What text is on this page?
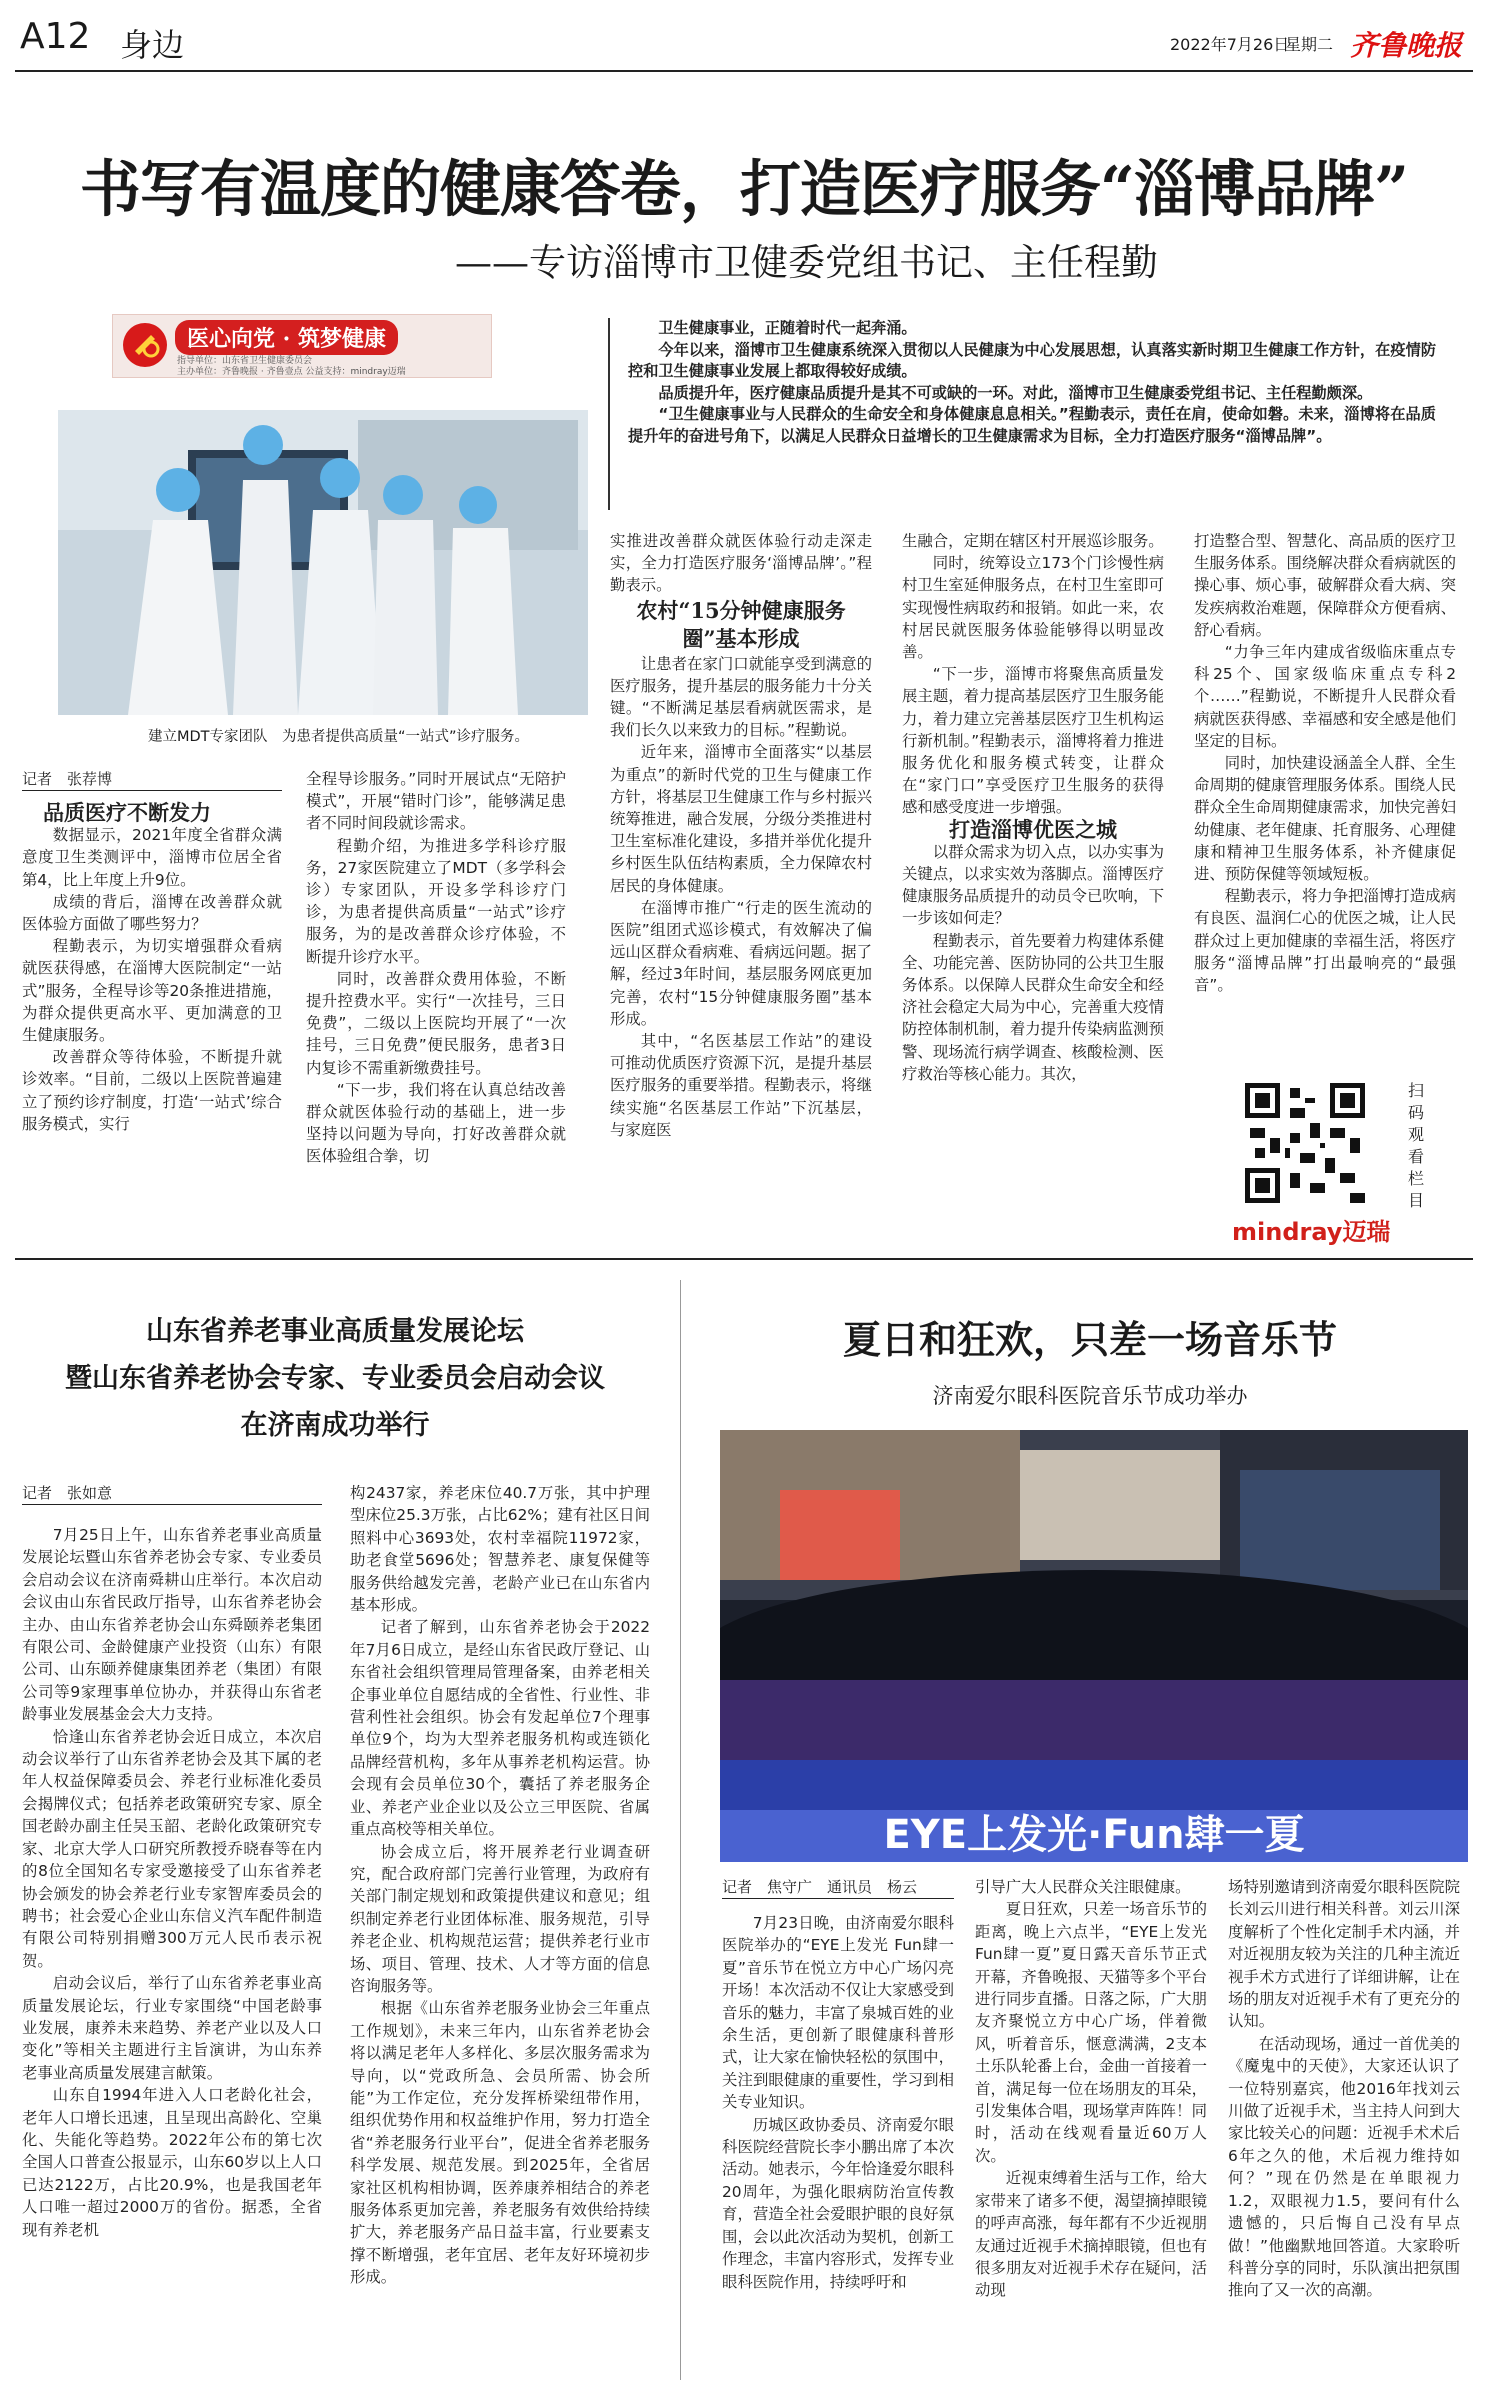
A12 身边	2022年7月26日
星期二 齐鲁晚报
书写有温度的健康答卷，打造医疗服务“淄博品牌”
——专访淄博市卫健委党组书记、主任程勤
医心向党 · 筑梦健康
指导单位：山东省卫生健康委员会
主办单位：齐鲁晚报 · 齐鲁壹点 公益支持：mindray迈瑞
建立MDT专家团队　为患者提供高质量“一站式”诊疗服务。

卫生健康事业，正随着时代一起奔涌。

今年以来，淄博市卫生健康系统深入贯彻以人民健康为中心发展思想，认真落实新时期卫生健康工作方针，在疫情防控和卫生健康事业发展上都取得较好成绩。

品质提升年，医疗健康品质提升是其不可或缺的一环。对此，淄博市卫生健康委党组书记、主任程勤颇深。

“卫生健康事业与人民群众的生命安全和身体健康息息相关。”程勤表示，责任在肩，使命如磐。未来，淄博将在品质提升年的奋进号角下，以满足人民群众日益增长的卫生健康需求为目标，全力打造医疗服务“淄博品牌”。

记者　张荐博

品质医疗不断发力

数据显示，2021年度全省群众满意度卫生类测评中，淄博市位居全省第4，比上年度上升9位。

成绩的背后，淄博在改善群众就医体验方面做了哪些努力？

程勤表示，为切实增强群众看病就医获得感，在淄博大医院制定“一站式”服务，全程导诊等20条推进措施，为群众提供更高水平、更加满意的卫生健康服务。

改善群众等待体验，不断提升就诊效率。“目前，二级以上医院普遍建立了预约诊疗制度，打造‘一站式’综合服务模式，实行

全程导诊服务。”同时开展试点“无陪护模式”，开展“错时门诊”，能够满足患者不同时间段就诊需求。

程勤介绍，为推进多学科诊疗服务，27家医院建立了MDT（多学科会诊）专家团队，开设多学科诊疗门诊，为患者提供高质量“一站式”诊疗服务，为的是改善群众诊疗体验，不断提升诊疗水平。

同时，改善群众费用体验，不断提升控费水平。实行“一次挂号，三日免费”，二级以上医院均开展了“一次挂号，三日免费”便民服务，患者3日内复诊不需重新缴费挂号。

“下一步，我们将在认真总结改善群众就医体验行动的基础上，进一步坚持以问题为导向，打好改善群众就医体验组合拳，切

实推进改善群众就医体验行动走深走实，全力打造医疗服务‘淄博品牌’。”程勤表示。

农村“15分钟健康服务圈”基本形成

让患者在家门口就能享受到满意的医疗服务，提升基层的服务能力十分关键。“不断满足基层看病就医需求，是我们长久以来致力的目标。”程勤说。

近年来，淄博市全面落实“以基层为重点”的新时代党的卫生与健康工作方针，将基层卫生健康工作与乡村振兴统筹推进，融合发展，分级分类推进村卫生室标准化建设，多措并举优化提升乡村医生队伍结构素质，全力保障农村居民的身体健康。

在淄博市推广“行走的医生流动的医院”组团式巡诊模式，有效解决了偏远山区群众看病难、看病远问题。据了解，经过3年时间，基层服务网底更加完善，农村“15分钟健康服务圈”基本形成。

其中，“名医基层工作站”的建设可推动优质医疗资源下沉，是提升基层医疗服务的重要举措。程勤表示，将继续实施“名医基层工作站”下沉基层，与家庭医

生融合，定期在辖区村开展巡诊服务。

同时，统筹设立173个门诊慢性病村卫生室延伸服务点，在村卫生室即可实现慢性病取药和报销。如此一来，农村居民就医服务体验能够得以明显改善。

“下一步，淄博市将聚焦高质量发展主题，着力提高基层医疗卫生服务能力，着力建立完善基层医疗卫生机构运行新机制。”程勤表示，淄博将着力推进服务优化和服务模式转变，让群众在“家门口”享受医疗卫生服务的获得感和感受度进一步增强。

打造淄博优医之城

以群众需求为切入点，以办实事为关键点，以求实效为落脚点。淄博医疗健康服务品质提升的动员令已吹响，下一步该如何走？

程勤表示，首先要着力构建体系健全、功能完善、医防协同的公共卫生服务体系。以保障人民群众生命安全和经济社会稳定大局为中心，完善重大疫情防控体制机制，着力提升传染病监测预警、现场流行病学调查、核酸检测、医疗救治等核心能力。其次，

打造整合型、智慧化、高品质的医疗卫生服务体系。围绕解决群众看病就医的操心事、烦心事，破解群众看大病、突发疾病救治难题，保障群众方便看病、舒心看病。

“力争三年内建成省级临床重点专科25个、国家级临床重点专科2个……”程勤说，不断提升人民群众看病就医获得感、幸福感和安全感是他们坚定的目标。

同时，加快建设涵盖全人群、全生命周期的健康管理服务体系。围绕人民群众全生命周期健康需求，加快完善妇幼健康、老年健康、托育服务、心理健康和精神卫生服务体系，补齐健康促进、预防保健等领域短板。

程勤表示，将力争把淄博打造成病有良医、温润仁心的优医之城，让人民群众过上更加健康的幸福生活，将医疗服务“淄博品牌”打出最响亮的“最强音”。

扫码观看栏目
mindray迈瑞
山东省养老事业高质量发展论坛
暨山东省养老协会专家、专业委员会启动会议
在济南成功举行
记者　张如意

7月25日上午，山东省养老事业高质量发展论坛暨山东省养老协会专家、专业委员会启动会议在济南舜耕山庄举行。本次启动会议由山东省民政厅指导，山东省养老协会主办、由山东省养老协会山东舜颐养老集团有限公司、金龄健康产业投资（山东）有限公司、山东颐养健康集团养老（集团）有限公司等9家理事单位协办，并获得山东省老龄事业发展基金会大力支持。

恰逢山东省养老协会近日成立，本次启动会议举行了山东省养老协会及其下属的老年人权益保障委员会、养老行业标准化委员会揭牌仪式；包括养老政策研究专家、原全国老龄办副主任吴玉韶、老龄化政策研究专家、北京大学人口研究所教授乔晓春等在内的8位全国知名专家受邀接受了山东省养老协会颁发的协会养老行业专家智库委员会的聘书；社会爱心企业山东信义汽车配件制造有限公司特别捐赠300万元人民币表示祝贺。

启动会议后，举行了山东省养老事业高质量发展论坛，行业专家围绕“中国老龄事业发展，康养未来趋势、养老产业以及人口变化”等相关主题进行主旨演讲，为山东养老事业高质量发展建言献策。

山东自1994年进入人口老龄化社会，老年人口增长迅速，且呈现出高龄化、空巢化、失能化等趋势。2022年公布的第七次全国人口普查公报显示，山东60岁以上人口已达2122万，占比20.9%，也是我国老年人口唯一超过2000万的省份。据悉，全省现有养老机

构2437家，养老床位40.7万张，其中护理型床位25.3万张，占比62%；建有社区日间照料中心3693处，农村幸福院11972家，助老食堂5696处；智慧养老、康复保健等服务供给越发完善，老龄产业已在山东省内基本形成。

记者了解到，山东省养老协会于2022年7月6日成立，是经山东省民政厅登记、山东省社会组织管理局管理备案，由养老相关企事业单位自愿结成的全省性、行业性、非营利性社会组织。协会有发起单位7个理事单位9个，均为大型养老服务机构或连锁化品牌经营机构，多年从事养老机构运营。协会现有会员单位30个，囊括了养老服务企业、养老产业企业以及公立三甲医院、省属重点高校等相关单位。

协会成立后，将开展养老行业调查研究，配合政府部门完善行业管理，为政府有关部门制定规划和政策提供建议和意见；组织制定养老行业团体标准、服务规范，引导养老企业、机构规范运营；提供养老行业市场、项目、管理、技术、人才等方面的信息咨询服务等。

根据《山东省养老服务业协会三年重点工作规划》，未来三年内，山东省养老协会将以满足老年人多样化、多层次服务需求为导向，以“党政所急、会员所需、协会所能”为工作定位，充分发挥桥梁纽带作用，组织优势作用和权益维护作用，努力打造全省“养老服务行业平台”，促进全省养老服务科学发展、规范发展。到2025年，全省居家社区机构相协调，医养康养相结合的养老服务体系更加完善，养老服务有效供给持续扩大，养老服务产品日益丰富，行业要素支撑不断增强，老年宜居、老年友好环境初步形成。

夏日和狂欢，只差一场音乐节
济南爱尔眼科医院音乐节成功举办
EYE上发光·Fun肆一夏
记者　焦守广　通讯员　杨云

7月23日晚，由济南爱尔眼科医院举办的“EYE上发光 Fun肆一夏”音乐节在悦立方中心广场闪亮开场！本次活动不仅让大家感受到音乐的魅力，丰富了泉城百姓的业余生活，更创新了眼健康科普形式，让大家在愉快轻松的氛围中，关注到眼健康的重要性，学习到相关专业知识。

历城区政协委员、济南爱尔眼科医院经营院长李小鹏出席了本次活动。她表示，今年恰逢爱尔眼科20周年，为强化眼病防治宣传教育，营造全社会爱眼护眼的良好氛围，会以此次活动为契机，创新工作理念，丰富内容形式，发挥专业眼科医院作用，持续呼吁和

引导广大人民群众关注眼健康。

夏日狂欢，只差一场音乐节的距离，晚上六点半，“EYE上发光　Fun肆一夏”夏日露天音乐节正式开幕，齐鲁晚报、天猫等多个平台进行同步直播。日落之际，广大朋友齐聚悦立方中心广场，伴着微风，听着音乐，惬意满满，2支本土乐队轮番上台，金曲一首接着一首，满足每一位在场朋友的耳朵，引发集体合唱，现场掌声阵阵！同时，活动在线观看量近60万人次。

近视束缚着生活与工作，给大家带来了诸多不便，渴望摘掉眼镜的呼声高涨，每年都有不少近视朋友通过近视手术摘掉眼镜，但也有很多朋友对近视手术存在疑问，活动现

场特别邀请到济南爱尔眼科医院院长刘云川进行相关科普。刘云川深度解析了个性化定制手术内涵，并对近视朋友较为关注的几种主流近视手术方式进行了详细讲解，让在场的朋友对近视手术有了更充分的认知。

在活动现场，通过一首优美的《魔鬼中的天使》，大家还认识了一位特别嘉宾，他2016年找刘云川做了近视手术，当主持人问到大家比较关心的问题：近视手术术后6年之久的他，术后视力维持如何？”现在仍然是在单眼视力1.2，双眼视力1.5，要问有什么遗憾的，只后悔自己没有早点做！”他幽默地回答道。大家聆听科普分享的同时，乐队演出把氛围推向了又一次的高潮。
